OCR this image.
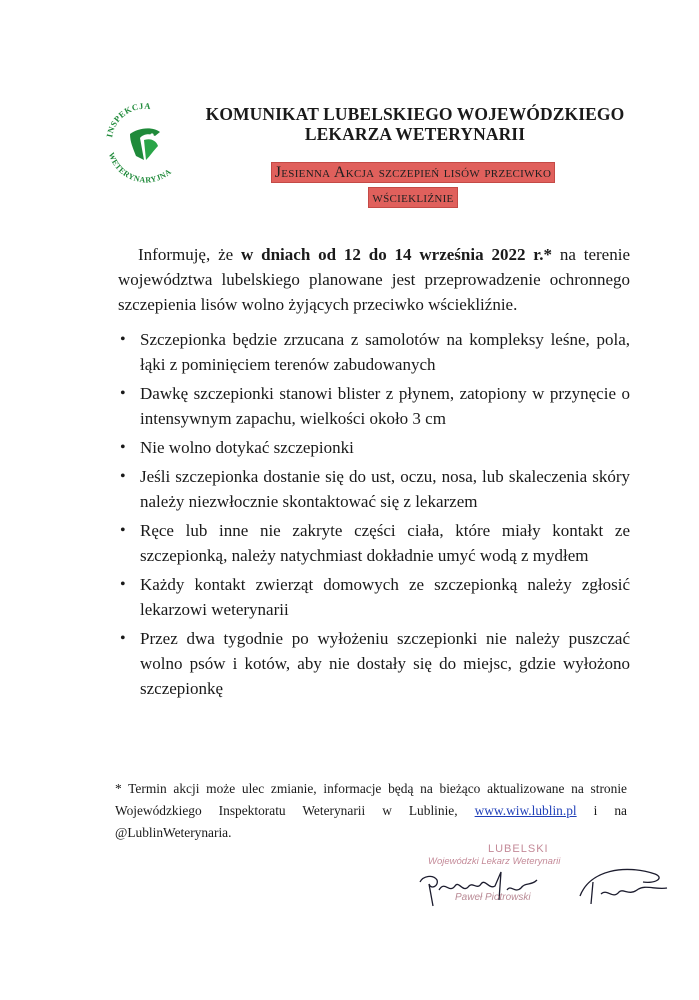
INSPEKCJA
WETERYNARYJNA
KOMUNIKAT LUBELSKIEGO WOJEWÓDZKIEGO
LEKARZA WETERYNARII
Jesienna Akcja szczepień lisów przeciwko
wściekliźnie

Informuję, że w dniach od 12 do 14 września 2022 r.* na terenie województwa lubelskiego planowane jest przeprowadzenie ochronnego szczepienia lisów wolno żyjących przeciwko wściekliźnie.

• Szczepionka będzie zrzucana z samolotów na kompleksy leśne, pola, łąki z pominięciem terenów zabudowanych
• Dawkę szczepionki stanowi blister z płynem, zatopiony w przynęcie o intensywnym zapachu, wielkości około 3 cm
• Nie wolno dotykać szczepionki
• Jeśli szczepionka dostanie się do ust, oczu, nosa, lub skaleczenia skóry należy niezwłocznie skontaktować się z lekarzem
• Ręce lub inne nie zakryte części ciała, które miały kontakt ze szczepionką, należy natychmiast dokładnie umyć wodą z mydłem
• Każdy kontakt zwierząt domowych ze szczepionką należy zgłosić lekarzowi weterynarii
• Przez dwa tygodnie po wyłożeniu szczepionki nie należy puszczać wolno psów i kotów, aby nie dostały się do miejsc, gdzie wyłożono szczepionkę

* Termin akcji może ulec zmianie, informacje będą na bieżąco aktualizowane na stronie Wojewódzkiego Inspektoratu Weterynarii w Lublinie, www.wiw.lublin.pl i na @LublinWeterynaria.

LUBELSKI
Wojewódzki Lekarz Weterynarii
Paweł Piotrowski
